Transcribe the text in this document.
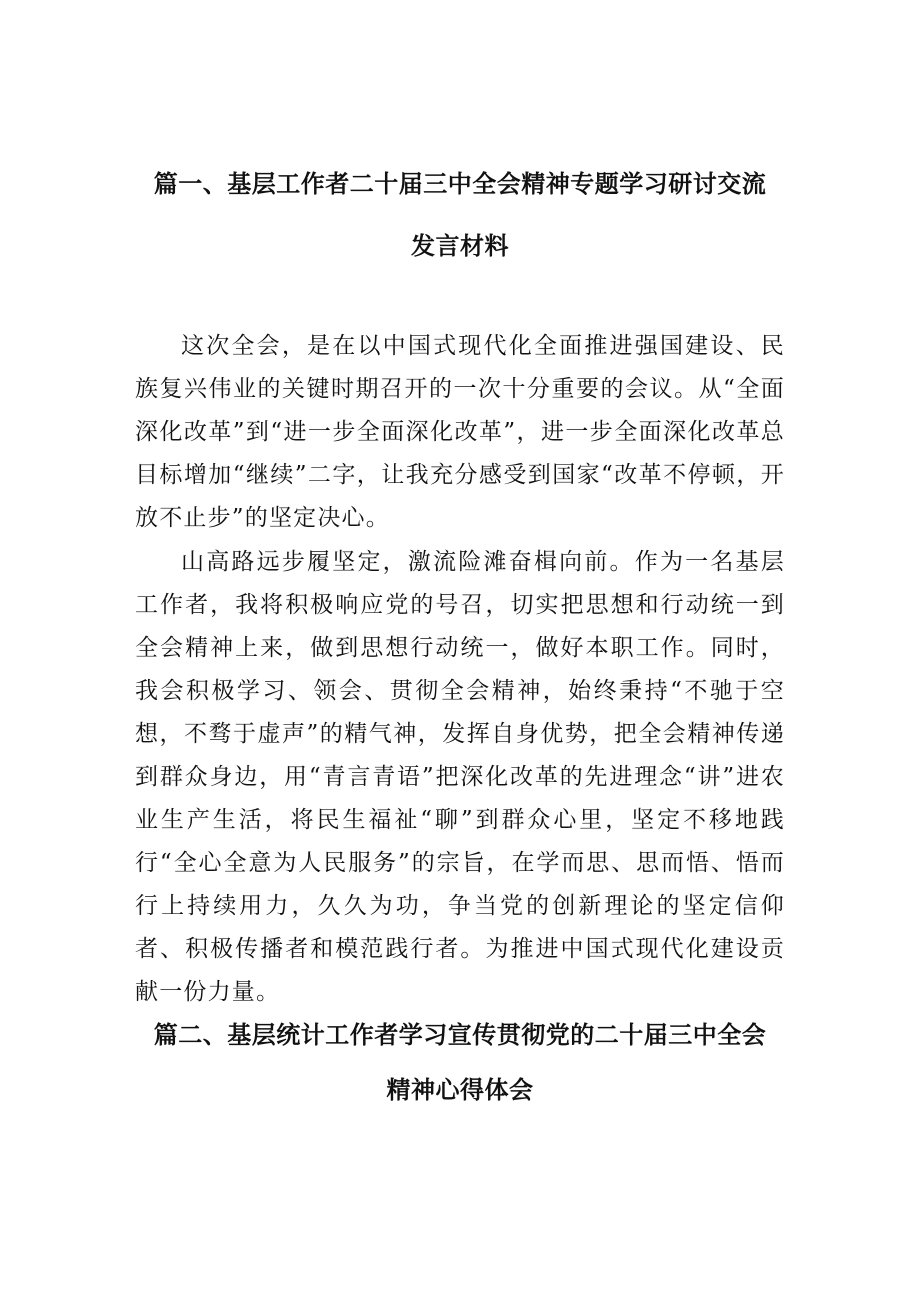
篇一、基层工作者二十届三中全会精神专题学习研讨交流
发言材料

这次全会，是在以中国式现代化全面推进强国建设、民族复兴伟业的关键时期召开的一次十分重要的会议。从“全面深化改革”到“进一步全面深化改革”，进一步全面深化改革总目标增加“继续”二字，让我充分感受到国家“改革不停顿，开放不止步”的坚定决心。

山高路远步履坚定，激流险滩奋楫向前。作为一名基层工作者，我将积极响应党的号召，切实把思想和行动统一到全会精神上来，做到思想行动统一，做好本职工作。同时，我会积极学习、领会、贯彻全会精神，始终秉持“不驰于空想，不骛于虚声”的精气神，发挥自身优势，把全会精神传递到群众身边，用“青言青语”把深化改革的先进理念“讲”进农业生产生活，将民生福祉“聊”到群众心里，坚定不移地践行“全心全意为人民服务”的宗旨，在学而思、思而悟、悟而行上持续用力，久久为功，争当党的创新理论的坚定信仰者、积极传播者和模范践行者。为推进中国式现代化建设贡献一份力量。

篇二、基层统计工作者学习宣传贯彻党的二十届三中全会
精神心得体会
